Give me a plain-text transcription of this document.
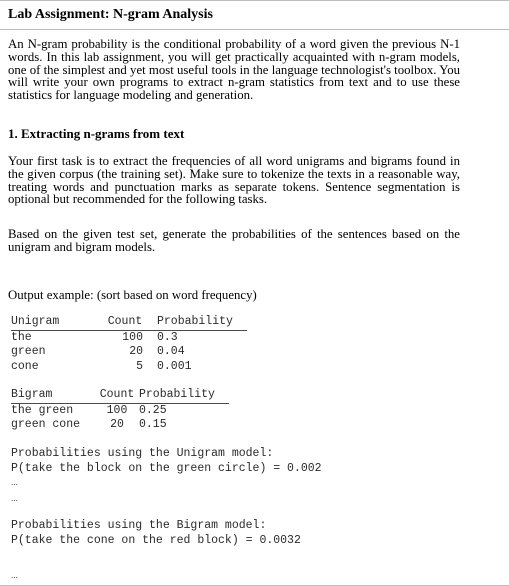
Lab Assignment: N-gram Analysis

An N-gram probability is the conditional probability of a word given the previous N-1 words. In this lab assignment, you will get practically acquainted with n-gram models, one of the simplest and yet most useful tools in the language technologist's toolbox. You will write your own programs to extract n-gram statistics from text and to use these statistics for language modeling and generation.

1. Extracting n-grams from text

Your first task is to extract the frequencies of all word unigrams and bigrams found in the given corpus (the training set). Make sure to tokenize the texts in a reasonable way, treating words and punctuation marks as separate tokens. Sentence segmentation is optional but recommended for the following tasks.

Based on the given test set, generate the probabilities of the sentences based on the unigram and bigram models.

Output example: (sort based on word frequency)
Unigram	Count	Probability
the	100	0.3
green	20	0.04
cone	5	0.001
Bigram	Count	Probability
the green	100	0.25
green cone	20	0.15
Probabilities using the Unigram model:
P(take the block on the green circle) = 0.002
...
...
Probabilities using the Bigram model:
P(take the cone on the red block) = 0.0032
...
